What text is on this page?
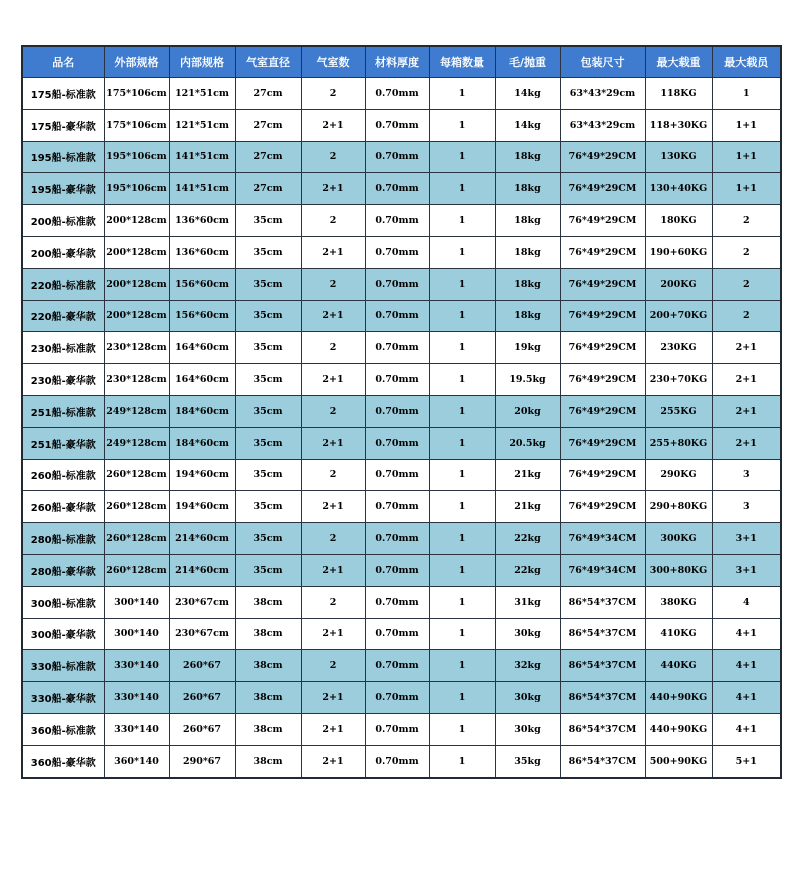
品名	外部规格	内部规格	气室直径	气室数	材料厚度	每箱数量	毛/抛重	包装尺寸	最大载重	最大载员
175船-标准款	175*106cm	121*51cm	27cm	2	0.70mm	1	14kg	63*43*29cm	118KG	1
175船-豪华款	175*106cm	121*51cm	27cm	2+1	0.70mm	1	14kg	63*43*29cm	118+30KG	1+1
195船-标准款	195*106cm	141*51cm	27cm	2	0.70mm	1	18kg	76*49*29CM	130KG	1+1
195船-豪华款	195*106cm	141*51cm	27cm	2+1	0.70mm	1	18kg	76*49*29CM	130+40KG	1+1
200船-标准款	200*128cm	136*60cm	35cm	2	0.70mm	1	18kg	76*49*29CM	180KG	2
200船-豪华款	200*128cm	136*60cm	35cm	2+1	0.70mm	1	18kg	76*49*29CM	190+60KG	2
220船-标准款	200*128cm	156*60cm	35cm	2	0.70mm	1	18kg	76*49*29CM	200KG	2
220船-豪华款	200*128cm	156*60cm	35cm	2+1	0.70mm	1	18kg	76*49*29CM	200+70KG	2
230船-标准款	230*128cm	164*60cm	35cm	2	0.70mm	1	19kg	76*49*29CM	230KG	2+1
230船-豪华款	230*128cm	164*60cm	35cm	2+1	0.70mm	1	19.5kg	76*49*29CM	230+70KG	2+1
251船-标准款	249*128cm	184*60cm	35cm	2	0.70mm	1	20kg	76*49*29CM	255KG	2+1
251船-豪华款	249*128cm	184*60cm	35cm	2+1	0.70mm	1	20.5kg	76*49*29CM	255+80KG	2+1
260船-标准款	260*128cm	194*60cm	35cm	2	0.70mm	1	21kg	76*49*29CM	290KG	3
260船-豪华款	260*128cm	194*60cm	35cm	2+1	0.70mm	1	21kg	76*49*29CM	290+80KG	3
280船-标准款	260*128cm	214*60cm	35cm	2	0.70mm	1	22kg	76*49*34CM	300KG	3+1
280船-豪华款	260*128cm	214*60cm	35cm	2+1	0.70mm	1	22kg	76*49*34CM	300+80KG	3+1
300船-标准款	300*140	230*67cm	38cm	2	0.70mm	1	31kg	86*54*37CM	380KG	4
300船-豪华款	300*140	230*67cm	38cm	2+1	0.70mm	1	30kg	86*54*37CM	410KG	4+1
330船-标准款	330*140	260*67	38cm	2	0.70mm	1	32kg	86*54*37CM	440KG	4+1
330船-豪华款	330*140	260*67	38cm	2+1	0.70mm	1	30kg	86*54*37CM	440+90KG	4+1
360船-标准款	330*140	260*67	38cm	2+1	0.70mm	1	30kg	86*54*37CM	440+90KG	4+1
360船-豪华款	360*140	290*67	38cm	2+1	0.70mm	1	35kg	86*54*37CM	500+90KG	5+1
